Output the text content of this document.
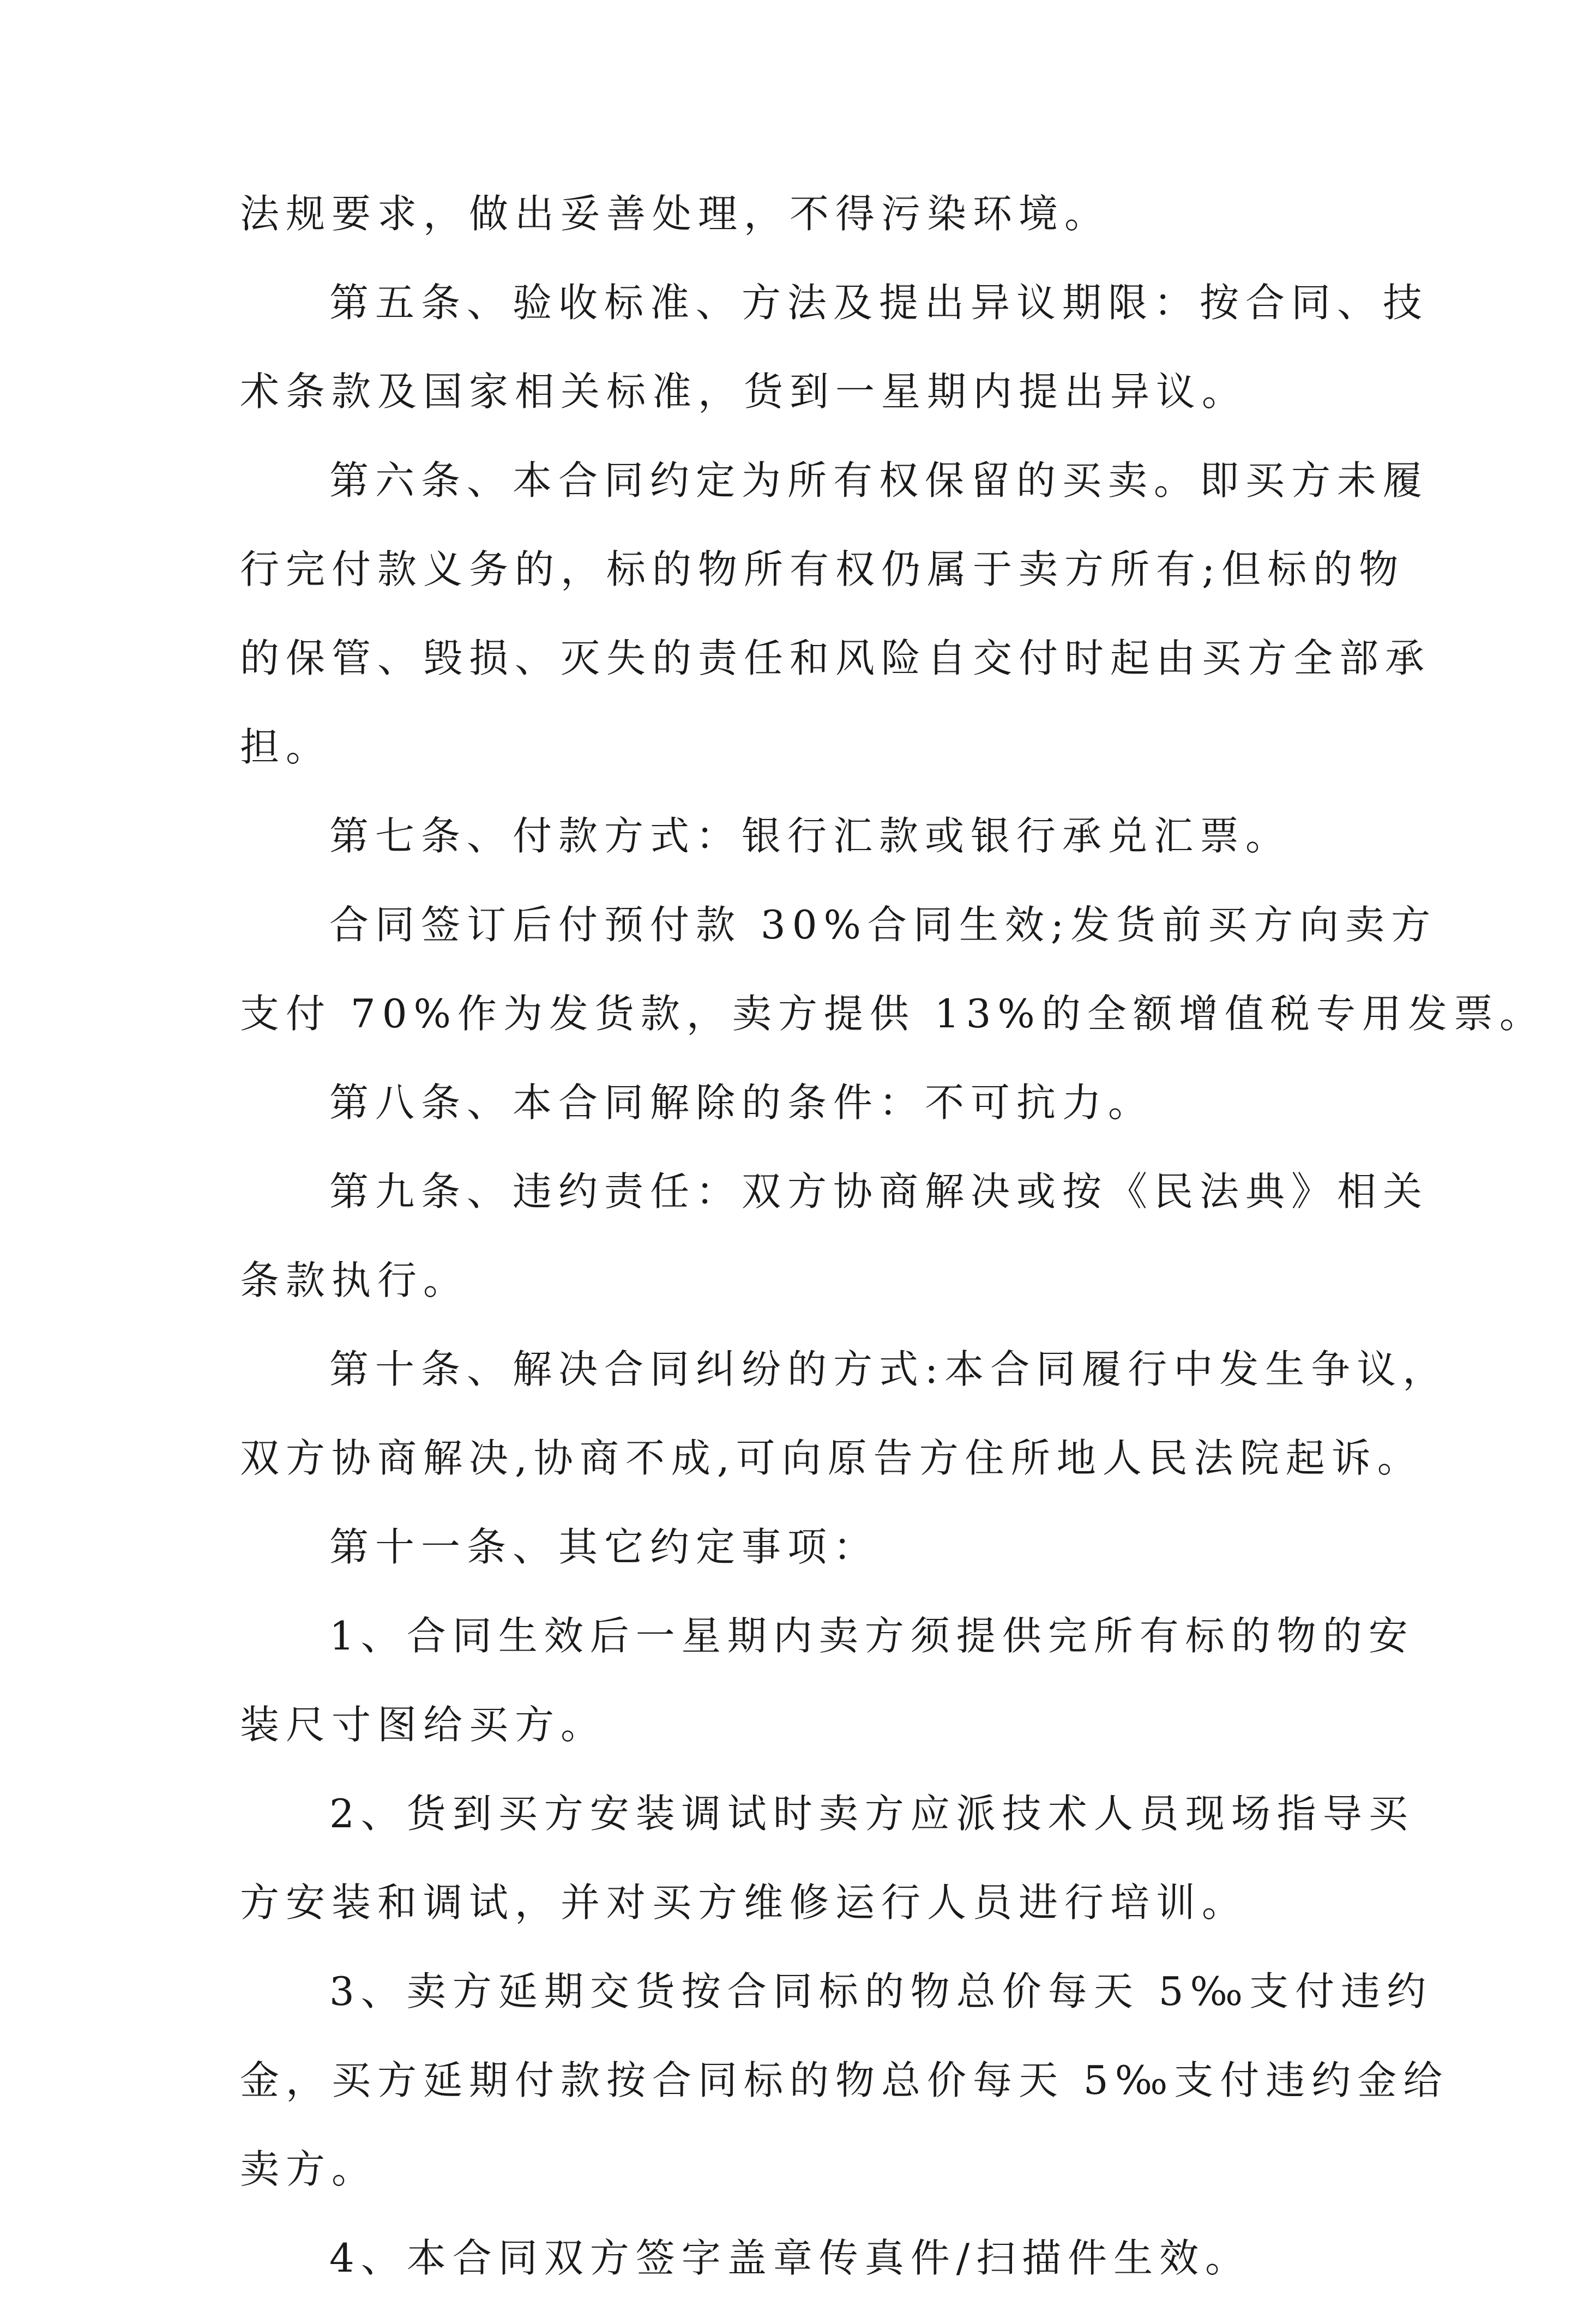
法规要求，做出妥善处理，不得污染环境。
第五条、验收标准、方法及提出异议期限：按合同、技
术条款及国家相关标准，货到一星期内提出异议。
第六条、本合同约定为所有权保留的买卖。即买方未履
行完付款义务的，标的物所有权仍属于卖方所有;但标的物
的保管、毁损、灭失的责任和风险自交付时起由买方全部承
担。
第七条、付款方式：银行汇款或银行承兑汇票。
合同签订后付预付款 30%合同生效;发货前买方向卖方
支付 70%作为发货款，卖方提供 13%的全额增值税专用发票。
第八条、本合同解除的条件：不可抗力。
第九条、违约责任：双方协商解决或按《民法典》相关
条款执行。
第十条、解决合同纠纷的方式:本合同履行中发生争议，
双方协商解决,协商不成,可向原告方住所地人民法院起诉。
第十一条、其它约定事项：
1、合同生效后一星期内卖方须提供完所有标的物的安
装尺寸图给买方。
2、货到买方安装调试时卖方应派技术人员现场指导买
方安装和调试，并对买方维修运行人员进行培训。
3、卖方延期交货按合同标的物总价每天 5‰支付违约
金，买方延期付款按合同标的物总价每天 5‰支付违约金给
卖方。
4、本合同双方签字盖章传真件/扫描件生效。
